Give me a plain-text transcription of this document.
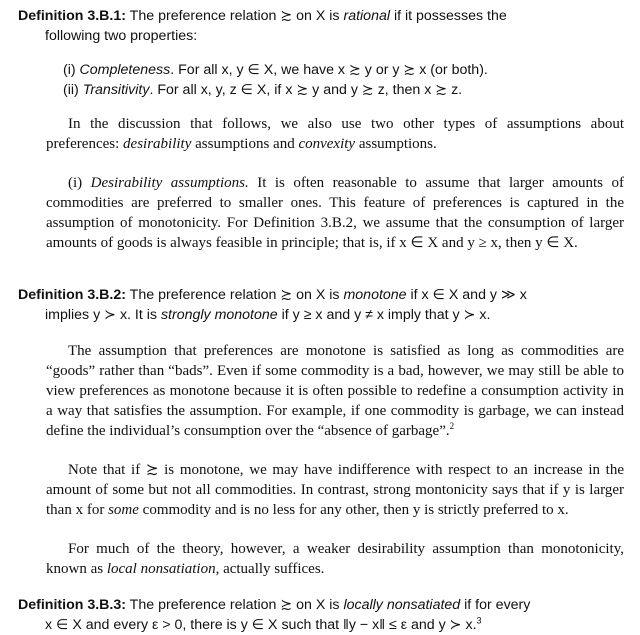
Definition 3.B.1: The preference relation ≿ on X is rational if it possesses the
following two properties:
(i) Completeness. For all x, y ∈ X, we have x ≿ y or y ≿ x (or both).
(ii) Transitivity. For all x, y, z ∈ X, if x ≿ y and y ≿ z, then x ≿ z.
In the discussion that follows, we also use two other types of assumptions about preferences: desirability assumptions and convexity assumptions.
(i) Desirability assumptions. It is often reasonable to assume that larger amounts of commodities are preferred to smaller ones. This feature of preferences is captured in the assumption of monotonicity. For Definition 3.B.2, we assume that the consumption of larger amounts of goods is always feasible in principle; that is, if x ∈ X and y ≥ x, then y ∈ X.
Definition 3.B.2: The preference relation ≿ on X is monotone if x ∈ X and y ≫ x
implies y ≻ x. It is strongly monotone if y ≥ x and y ≠ x imply that y ≻ x.
The assumption that preferences are monotone is satisfied as long as commodities are “goods” rather than “bads”. Even if some commodity is a bad, however, we may still be able to view preferences as monotone because it is often possible to redefine a consumption activity in a way that satisfies the assumption. For example, if one commodity is garbage, we can instead define the individual’s consumption over the “absence of garbage”.$^2$
Note that if ≿ is monotone, we may have indifference with respect to an increase in the amount of some but not all commodities. In contrast, strong montonicity says that if y is larger than x for some commodity and is no less for any other, then y is strictly preferred to x.
For much of the theory, however, a weaker desirability assumption than monotonicity, known as local nonsatiation, actually suffices.
Definition 3.B.3: The preference relation ≿ on X is locally nonsatiated if for every
x ∈ X and every ε > 0, there is y ∈ X such that ‖y − x‖ ≤ ε and y ≻ x.$^3$
